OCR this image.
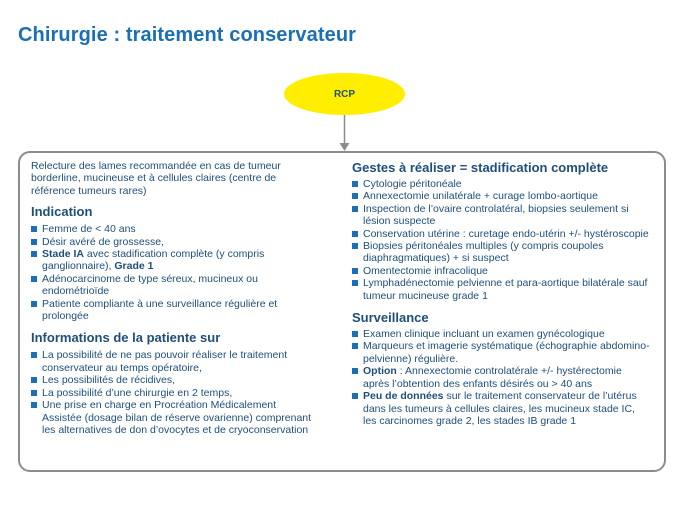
Chirurgie : traitement conservateur
RCP

Relecture des lames recommandée en cas de tumeur borderline, mucineuse et à cellules claires (centre de référence tumeurs rares)

Indication
Femme de < 40 ans
Désir avéré de grossesse,
Stade IA avec stadification complète (y compris ganglionnaire), Grade 1
Adénocarcinome de type séreux, mucineux ou endométrioïde
Patiente compliante à une surveillance régulière et prolongée
Informations de la patiente sur
La possibilité de ne pas pouvoir réaliser le traitement conservateur au temps opératoire,
Les possibilités de récidives,
La possibilité d’une chirurgie en 2 temps,
Une prise en charge en Procréation Médicalement Assistée (dosage bilan de réserve ovarienne) comprenant les alternatives de don d’ovocytes et de cryoconservation
Gestes à réaliser = stadification complète
Cytologie péritonéale
Annexectomie unilatérale + curage lombo-aortique
Inspection de l’ovaire controlatéral, biopsies seulement si lésion suspecte
Conservation utérine : curetage endo-utérin +/- hystéroscopie
Biopsies péritonéales multiples (y compris coupoles diaphragmatiques) + si suspect
Omentectomie infracolique
Lymphadénectomie pelvienne et para-aortique bilatérale sauf tumeur mucineuse grade 1
Surveillance
Examen clinique incluant un examen gynécologique
Marqueurs et imagerie systématique (échographie abdomino-pelvienne) régulière.
Option : Annexectomie controlatérale +/- hystérectomie après l’obtention des enfants désirés ou > 40 ans
Peu de données sur le traitement conservateur de l’utérus dans les tumeurs à cellules claires, les mucineux stade IC, les carcinomes grade 2, les stades IB grade 1
